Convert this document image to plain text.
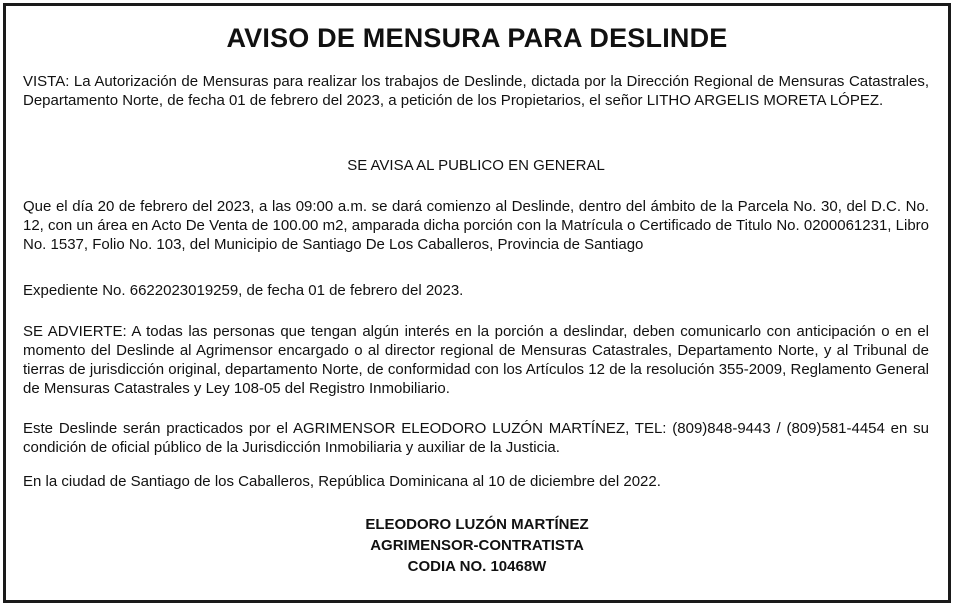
AVISO DE MENSURA PARA DESLINDE
VISTA: La Autorización de Mensuras para realizar los trabajos de Deslinde, dictada por la Dirección Regional de Mensuras Catastrales, Departamento Norte, de fecha 01 de febrero del 2023, a petición de los Propietarios, el señor LITHO ARGELIS MORETA LÓPEZ.
SE AVISA AL PUBLICO EN GENERAL
Que el día 20 de febrero del 2023, a las 09:00 a.m. se dará comienzo al Deslinde, dentro del ámbito de la Parcela No. 30, del D.C. No. 12, con un área en Acto De Venta de 100.00 m2, amparada dicha porción con la Matrícula o Certificado de Titulo No. 0200061231, Libro No. 1537, Folio No. 103, del Municipio de Santiago De Los Caballeros, Provincia de Santiago
Expediente No. 6622023019259, de fecha 01 de febrero del 2023.
SE ADVIERTE: A todas las personas que tengan algún interés en la porción a deslindar, deben comunicarlo con anticipación o en el momento del Deslinde al Agrimensor encargado o al director regional de Mensuras Catastrales, Departamento Norte, y al Tribunal de tierras de jurisdicción original, departamento Norte, de conformidad con los Artículos 12 de la resolución 355-2009, Reglamento General de Mensuras Catastrales y Ley 108-05 del Registro Inmobiliario.
Este Deslinde serán practicados por el AGRIMENSOR ELEODORO LUZÓN MARTÍNEZ, TEL: (809)848-9443 / (809)581-4454 en su condición de oficial público de la Jurisdicción Inmobiliaria y auxiliar de la Justicia.
En la ciudad de Santiago de los Caballeros, República Dominicana al 10 de diciembre del 2022.
ELEODORO LUZÓN MARTÍNEZ
AGRIMENSOR-CONTRATISTA
CODIA NO. 10468W
